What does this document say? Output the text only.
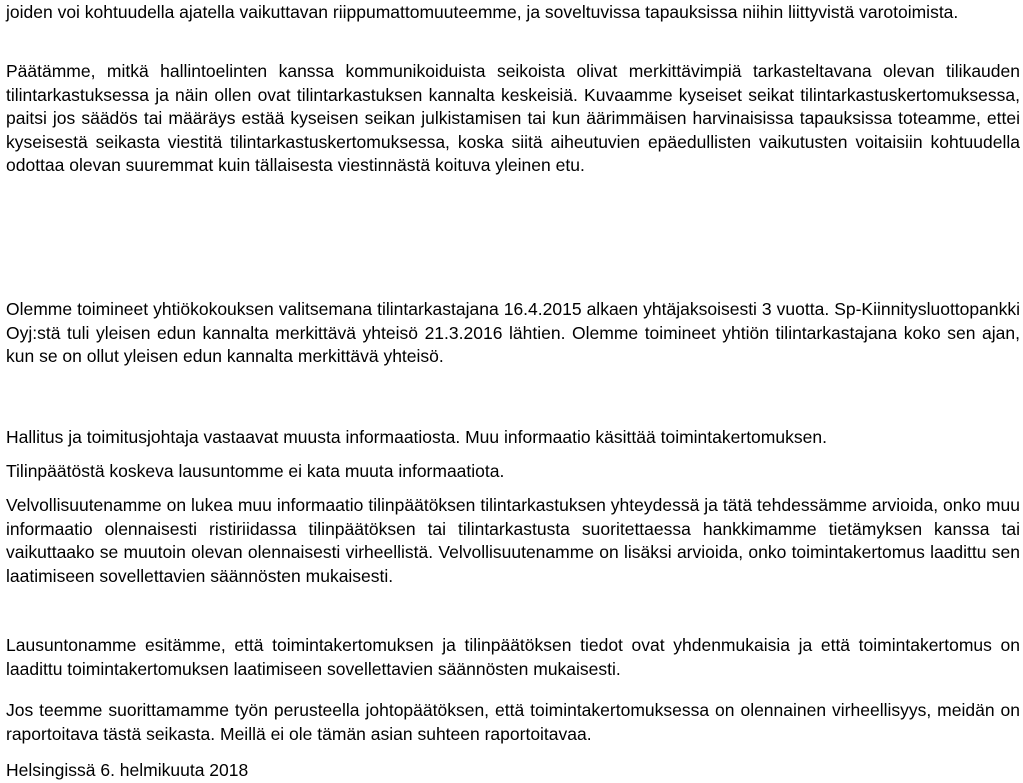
joiden voi kohtuudella ajatella vaikuttavan riippumattomuuteemme, ja soveltuvissa tapauksissa niihin liittyvistä varotoimista.

Päätämme, mitkä hallintoelinten kanssa kommunikoiduista seikoista olivat merkittävimpiä tarkasteltavana olevan tilikauden tilintarkastuksessa ja näin ollen ovat tilintarkastuksen kannalta keskeisiä. Kuvaamme kyseiset seikat tilintarkastuskertomuksessa, paitsi jos säädös tai määräys estää kyseisen seikan julkistamisen tai kun äärimmäisen harvinaisissa tapauksissa toteamme, ettei kyseisestä seikasta viestitä tilintarkastuskertomuksessa, koska siitä aiheutuvien epäedullisten vaikutusten voitaisiin kohtuudella odottaa olevan suuremmat kuin tällaisesta viestinnästä koituva yleinen etu.

Olemme toimineet yhtiökokouksen valitsemana tilintarkastajana 16.4.2015 alkaen yhtäjaksoisesti 3 vuotta. Sp-Kiinnitysluottopankki Oyj:stä tuli yleisen edun kannalta merkittävä yhteisö 21.3.2016 lähtien. Olemme toimineet yhtiön tilintarkastajana koko sen ajan, kun se on ollut yleisen edun kannalta merkittävä yhteisö.

Hallitus ja toimitusjohtaja vastaavat muusta informaatiosta. Muu informaatio käsittää toimintakertomuksen.

Tilinpäätöstä koskeva lausuntomme ei kata muuta informaatiota.

Velvollisuutenamme on lukea muu informaatio tilinpäätöksen tilintarkastuksen yhteydessä ja tätä tehdessämme arvioida, onko muu informaatio olennaisesti ristiriidassa tilinpäätöksen tai tilintarkastusta suoritettaessa hankkimamme tietämyksen kanssa tai vaikuttaako se muutoin olevan olennaisesti virheellistä. Velvollisuutenamme on lisäksi arvioida, onko toimintakertomus laadittu sen laatimiseen sovellettavien säännösten mukaisesti.

Lausuntonamme esitämme, että toimintakertomuksen ja tilinpäätöksen tiedot ovat yhdenmukaisia ja että toimintakertomus on laadittu toimintakertomuksen laatimiseen sovellettavien säännösten mukaisesti.

Jos teemme suorittamamme työn perusteella johtopäätöksen, että toimintakertomuksessa on olennainen virheellisyys, meidän on raportoitava tästä seikasta. Meillä ei ole tämän asian suhteen raportoitavaa.

Helsingissä 6. helmikuuta 2018
